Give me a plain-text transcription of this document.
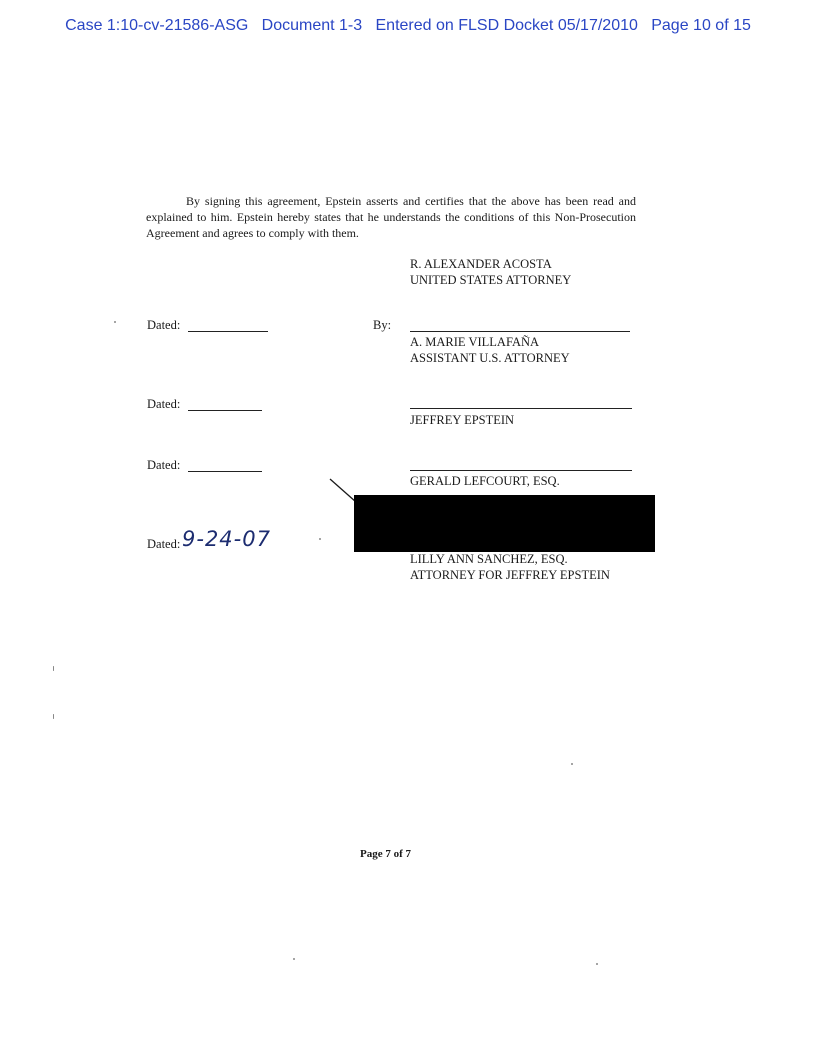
Case 1:10-cv-21586-ASG Document 1-3 Entered on FLSD Docket 05/17/2010 Page 10 of 15
By signing this agreement, Epstein asserts and certifies that the above has been read and explained to him. Epstein hereby states that he understands the conditions of this Non-Prosecution Agreement and agrees to comply with them.
R. ALEXANDER ACOSTA
UNITED STATES ATTORNEY
Dated:	By:
A. MARIE VILLAFAÑA
ASSISTANT U.S. ATTORNEY
Dated:
JEFFREY EPSTEIN
Dated:
GERALD LEFCOURT, ESQ.
Dated: 9-24-07
LILLY ANN SANCHEZ, ESQ.
ATTORNEY FOR JEFFREY EPSTEIN
Page 7 of 7
